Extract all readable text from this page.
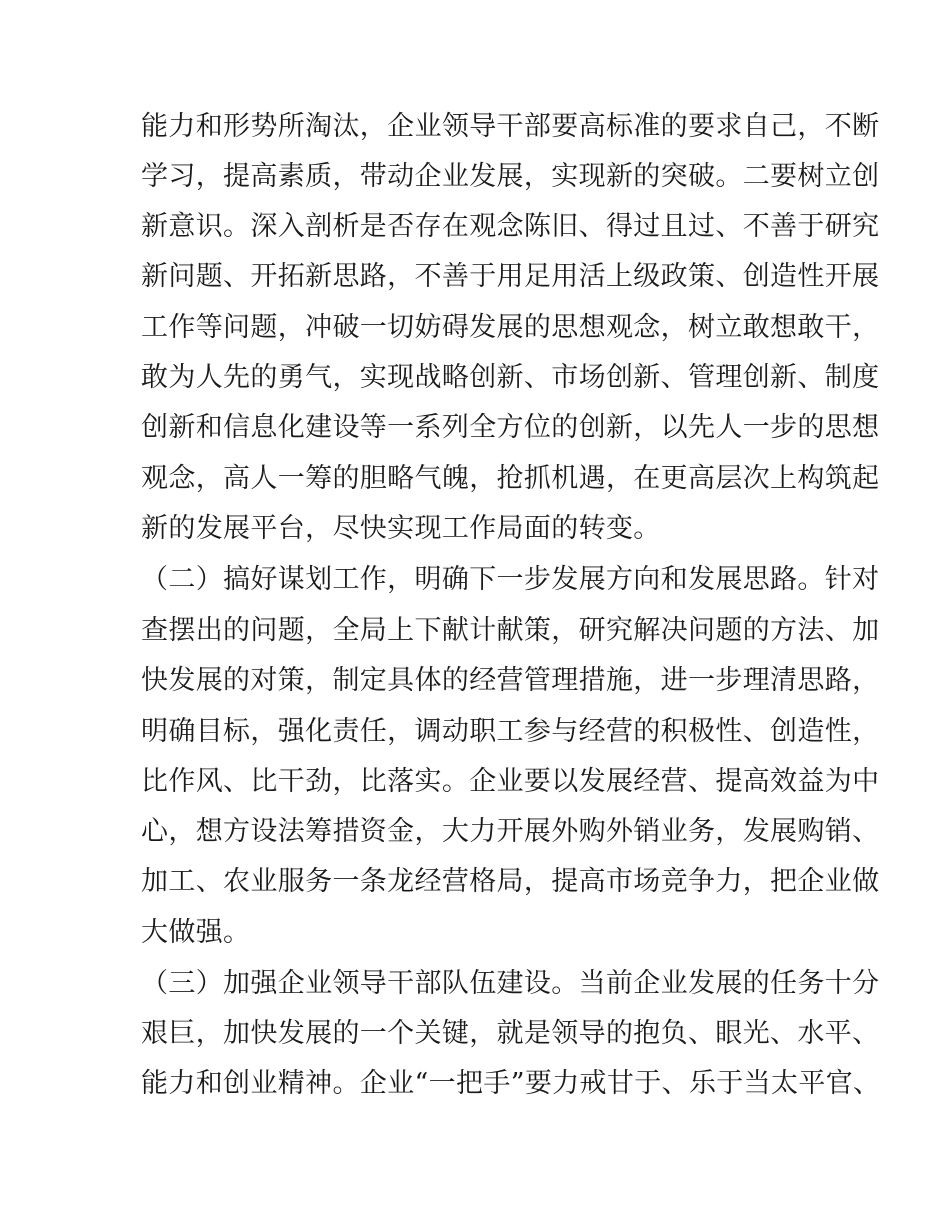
能力和形势所淘汰，企业领导干部要高标准的要求自己，不断
学习，提高素质，带动企业发展，实现新的突破。二要树立创
新意识。深入剖析是否存在观念陈旧、得过且过、不善于研究
新问题、开拓新思路，不善于用足用活上级政策、创造性开展
工作等问题，冲破一切妨碍发展的思想观念，树立敢想敢干，
敢为人先的勇气，实现战略创新、市场创新、管理创新、制度
创新和信息化建设等一系列全方位的创新，以先人一步的思想
观念，高人一筹的胆略气魄，抢抓机遇，在更高层次上构筑起
新的发展平台，尽快实现工作局面的转变。
（二）搞好谋划工作，明确下一步发展方向和发展思路。针对
查摆出的问题，全局上下献计献策，研究解决问题的方法、加
快发展的对策，制定具体的经营管理措施，进一步理清思路，
明确目标，强化责任，调动职工参与经营的积极性、创造性，
比作风、比干劲，比落实。企业要以发展经营、提高效益为中
心，想方设法筹措资金，大力开展外购外销业务，发展购销、
加工、农业服务一条龙经营格局，提高市场竞争力，把企业做
大做强。
（三）加强企业领导干部队伍建设。当前企业发展的任务十分
艰巨，加快发展的一个关键，就是领导的抱负、眼光、水平、
能力和创业精神。企业“一把手”要力戒甘于、乐于当太平官、
